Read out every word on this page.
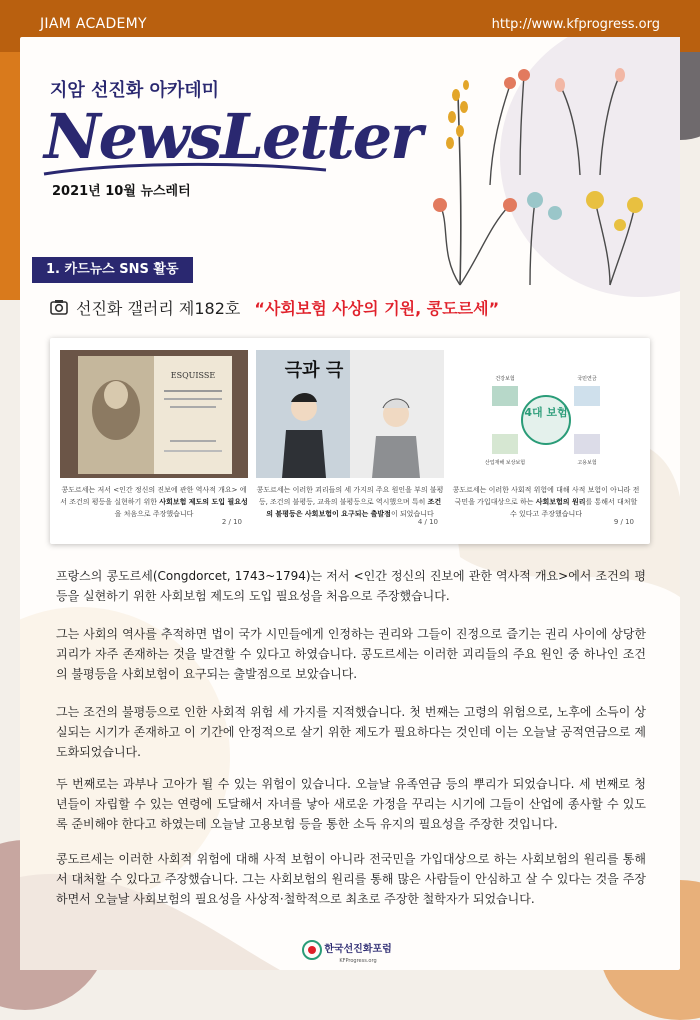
JIAM ACADEMY	http://www.kfprogress.org
지암 선진화 아카데미
NewsLetter
2021년 10월 뉴스레터
1. 카드뉴스 SNS 활동
선진화 갤러리 제182호 “사회보험 사상의 기원, 콩도르세”
ESQUISSE
콩도르세는 저서 <인간 정신의 진보에 관한 역사적 개요> 에서 조건의 평등을 실현하기 위한 사회보험 제도의 도입 필요성을 처음으로 주장했습니다
2 / 10
극과 극
콩도르세는 이러한 괴리들의 세 가지의 주요 원인을 부의 불평등, 조건의 불평등, 교육의 불평등으로 역시했으며 특히 조건의 불평등은 사회보험이 요구되는 출발점이 되었습니다
4 / 10
4대 보험
건강보험	국민연금
고용보험
산업재해 보상보험
콩도르세는 이러한 사회적 위험에 대해 사적 보험이 아니라 전국민을 가입대상으로 하는 사회보험의 원리를 통해서 대처할 수 있다고 주장했습니다
9 / 10

프랑스의 콩도르세(Congdorcet, 1743~1794)는 저서 <인간 정신의 진보에 관한 역사적 개요>에서 조건의 평등을 실현하기 위한 사회보험 제도의 도입 필요성을 처음으로 주장했습니다.

그는 사회의 역사를 추적하면 법이 국가 시민들에게 인정하는 권리와 그들이 진정으로 즐기는 권리 사이에 상당한 괴리가 자주 존재하는 것을 발견할 수 있다고 하였습니다. 콩도르세는 이러한 괴리들의 주요 원인 중 하나인 조건의 불평등을 사회보험이 요구되는 출발점으로 보았습니다.

그는 조건의 불평등으로 인한 사회적 위험 세 가지를 지적했습니다. 첫 번째는 고령의 위험으로, 노후에 소득이 상실되는 시기가 존재하고 이 기간에 안정적으로 살기 위한 제도가 필요하다는 것인데 이는 오늘날 공적연금으로 제도화되었습니다.

두 번째로는 과부나 고아가 될 수 있는 위험이 있습니다. 오늘날 유족연금 등의 뿌리가 되었습니다. 세 번째로 청년들이 자립할 수 있는 연령에 도달해서 자녀를 낳아 새로운 가정을 꾸리는 시기에 그들이 산업에 종사할 수 있도록 준비해야 한다고 하였는데 오늘날 고용보험 등을 통한 소득 유지의 필요성을 주장한 것입니다.

콩도르세는 이러한 사회적 위험에 대해 사적 보험이 아니라 전국민을 가입대상으로 하는 사회보험의 원리를 통해서 대처할 수 있다고 주장했습니다. 그는 사회보험의 원리를 통해 많은 사람들이 안심하고 살 수 있다는 것을 주장하면서 오늘날 사회보험의 필요성을 사상적·철학적으로 최초로 주장한 철학자가 되었습니다.

한국선진화포럼
KFProgress.org
